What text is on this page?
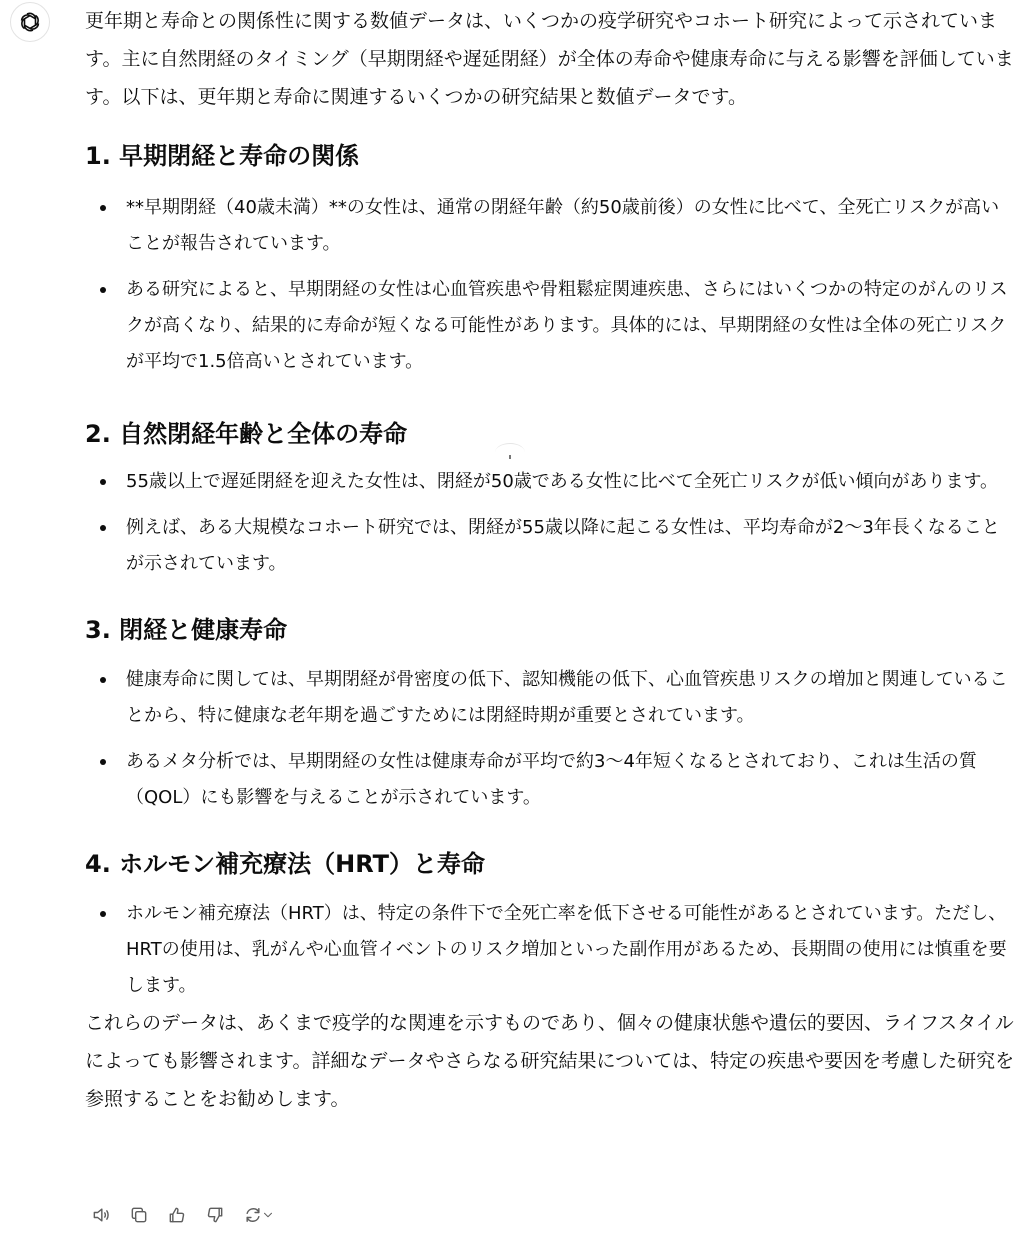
更年期と寿命との関係性に関する数値データは、いくつかの疫学研究やコホート研究によって示されています。主に自然閉経のタイミング（早期閉経や遅延閉経）が全体の寿命や健康寿命に与える影響を評価しています。以下は、更年期と寿命に関連するいくつかの研究結果と数値データです。

1. 早期閉経と寿命の関係
**早期閉経（40歳未満）**の女性は、通常の閉経年齢（約50歳前後）の女性に比べて、全死亡リスクが高いことが報告されています。
ある研究によると、早期閉経の女性は心血管疾患や骨粗鬆症関連疾患、さらにはいくつかの特定のがんのリスクが高くなり、結果的に寿命が短くなる可能性があります。具体的には、早期閉経の女性は全体の死亡リスクが平均で1.5倍高いとされています。
2. 自然閉経年齢と全体の寿命
55歳以上で遅延閉経を迎えた女性は、閉経が50歳である女性に比べて全死亡リスクが低い傾向があります。
例えば、ある大規模なコホート研究では、閉経が55歳以降に起こる女性は、平均寿命が2〜3年長くなることが示されています。
3. 閉経と健康寿命
健康寿命に関しては、早期閉経が骨密度の低下、認知機能の低下、心血管疾患リスクの増加と関連していることから、特に健康な老年期を過ごすためには閉経時期が重要とされています。
あるメタ分析では、早期閉経の女性は健康寿命が平均で約3〜4年短くなるとされており、これは生活の質（QOL）にも影響を与えることが示されています。
4. ホルモン補充療法（HRT）と寿命
ホルモン補充療法（HRT）は、特定の条件下で全死亡率を低下させる可能性があるとされています。ただし、HRTの使用は、乳がんや心血管イベントのリスク増加といった副作用があるため、長期間の使用には慎重を要します。

これらのデータは、あくまで疫学的な関連を示すものであり、個々の健康状態や遺伝的要因、ライフスタイルによっても影響されます。詳細なデータやさらなる研究結果については、特定の疾患や要因を考慮した研究を参照することをお勧めします。
